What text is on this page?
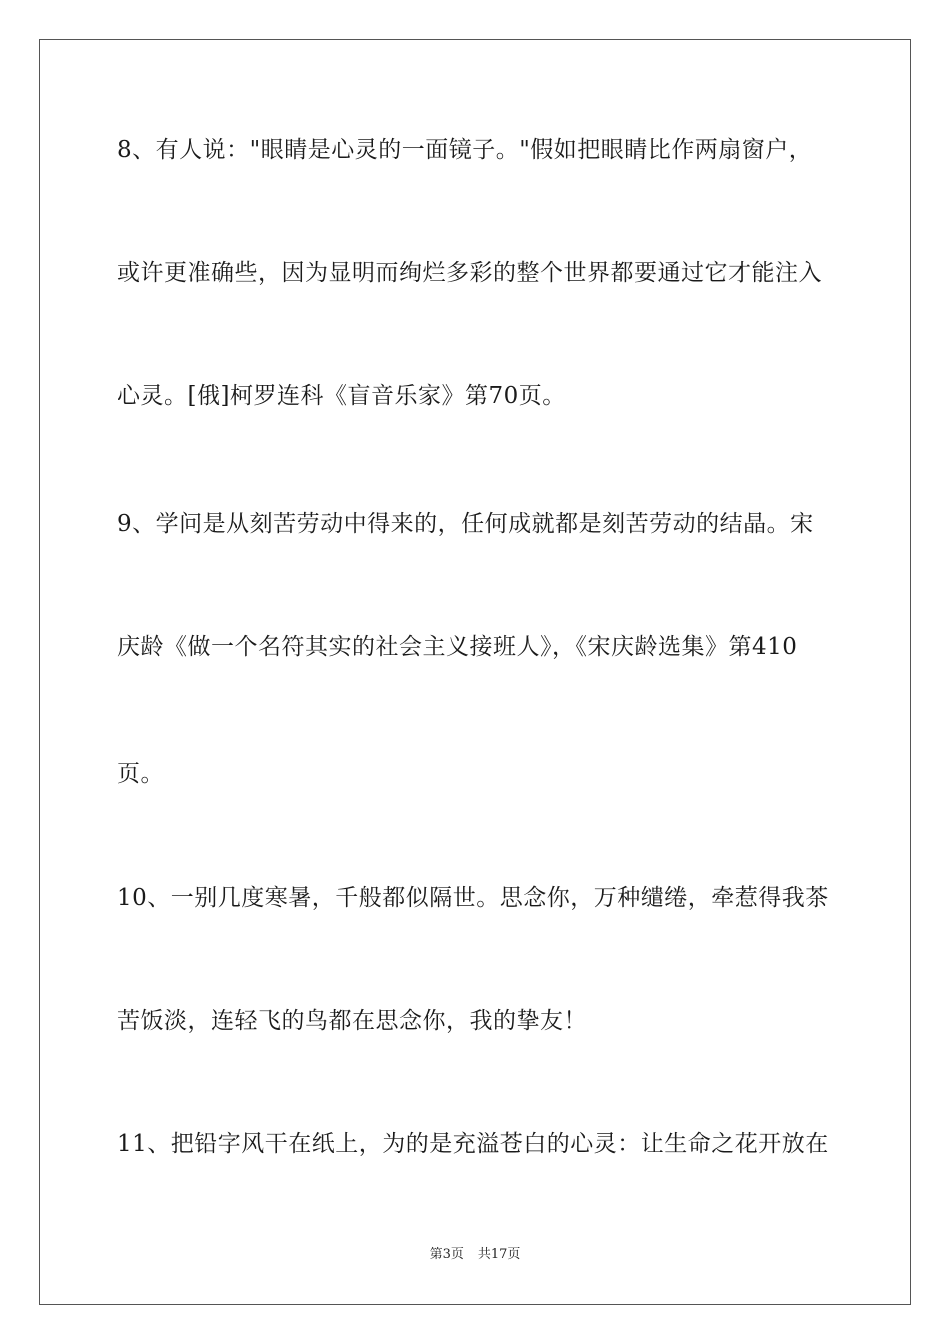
8、有人说："眼睛是心灵的一面镜子。"假如把眼睛比作两扇窗户，
或许更准确些，因为显明而绚烂多彩的整个世界都要通过它才能注入
心灵。[俄]柯罗连科《盲音乐家》第70页。
9、学问是从刻苦劳动中得来的，任何成就都是刻苦劳动的结晶。宋
庆龄《做一个名符其实的社会主义接班人》，《宋庆龄选集》第410
页。
10、一别几度寒暑，千般都似隔世。思念你，万种缱绻，牵惹得我茶
苦饭淡，连轻飞的鸟都在思念你，我的挚友！
11、把铅字风干在纸上，为的是充溢苍白的心灵：让生命之花开放在
第3页 共17页
